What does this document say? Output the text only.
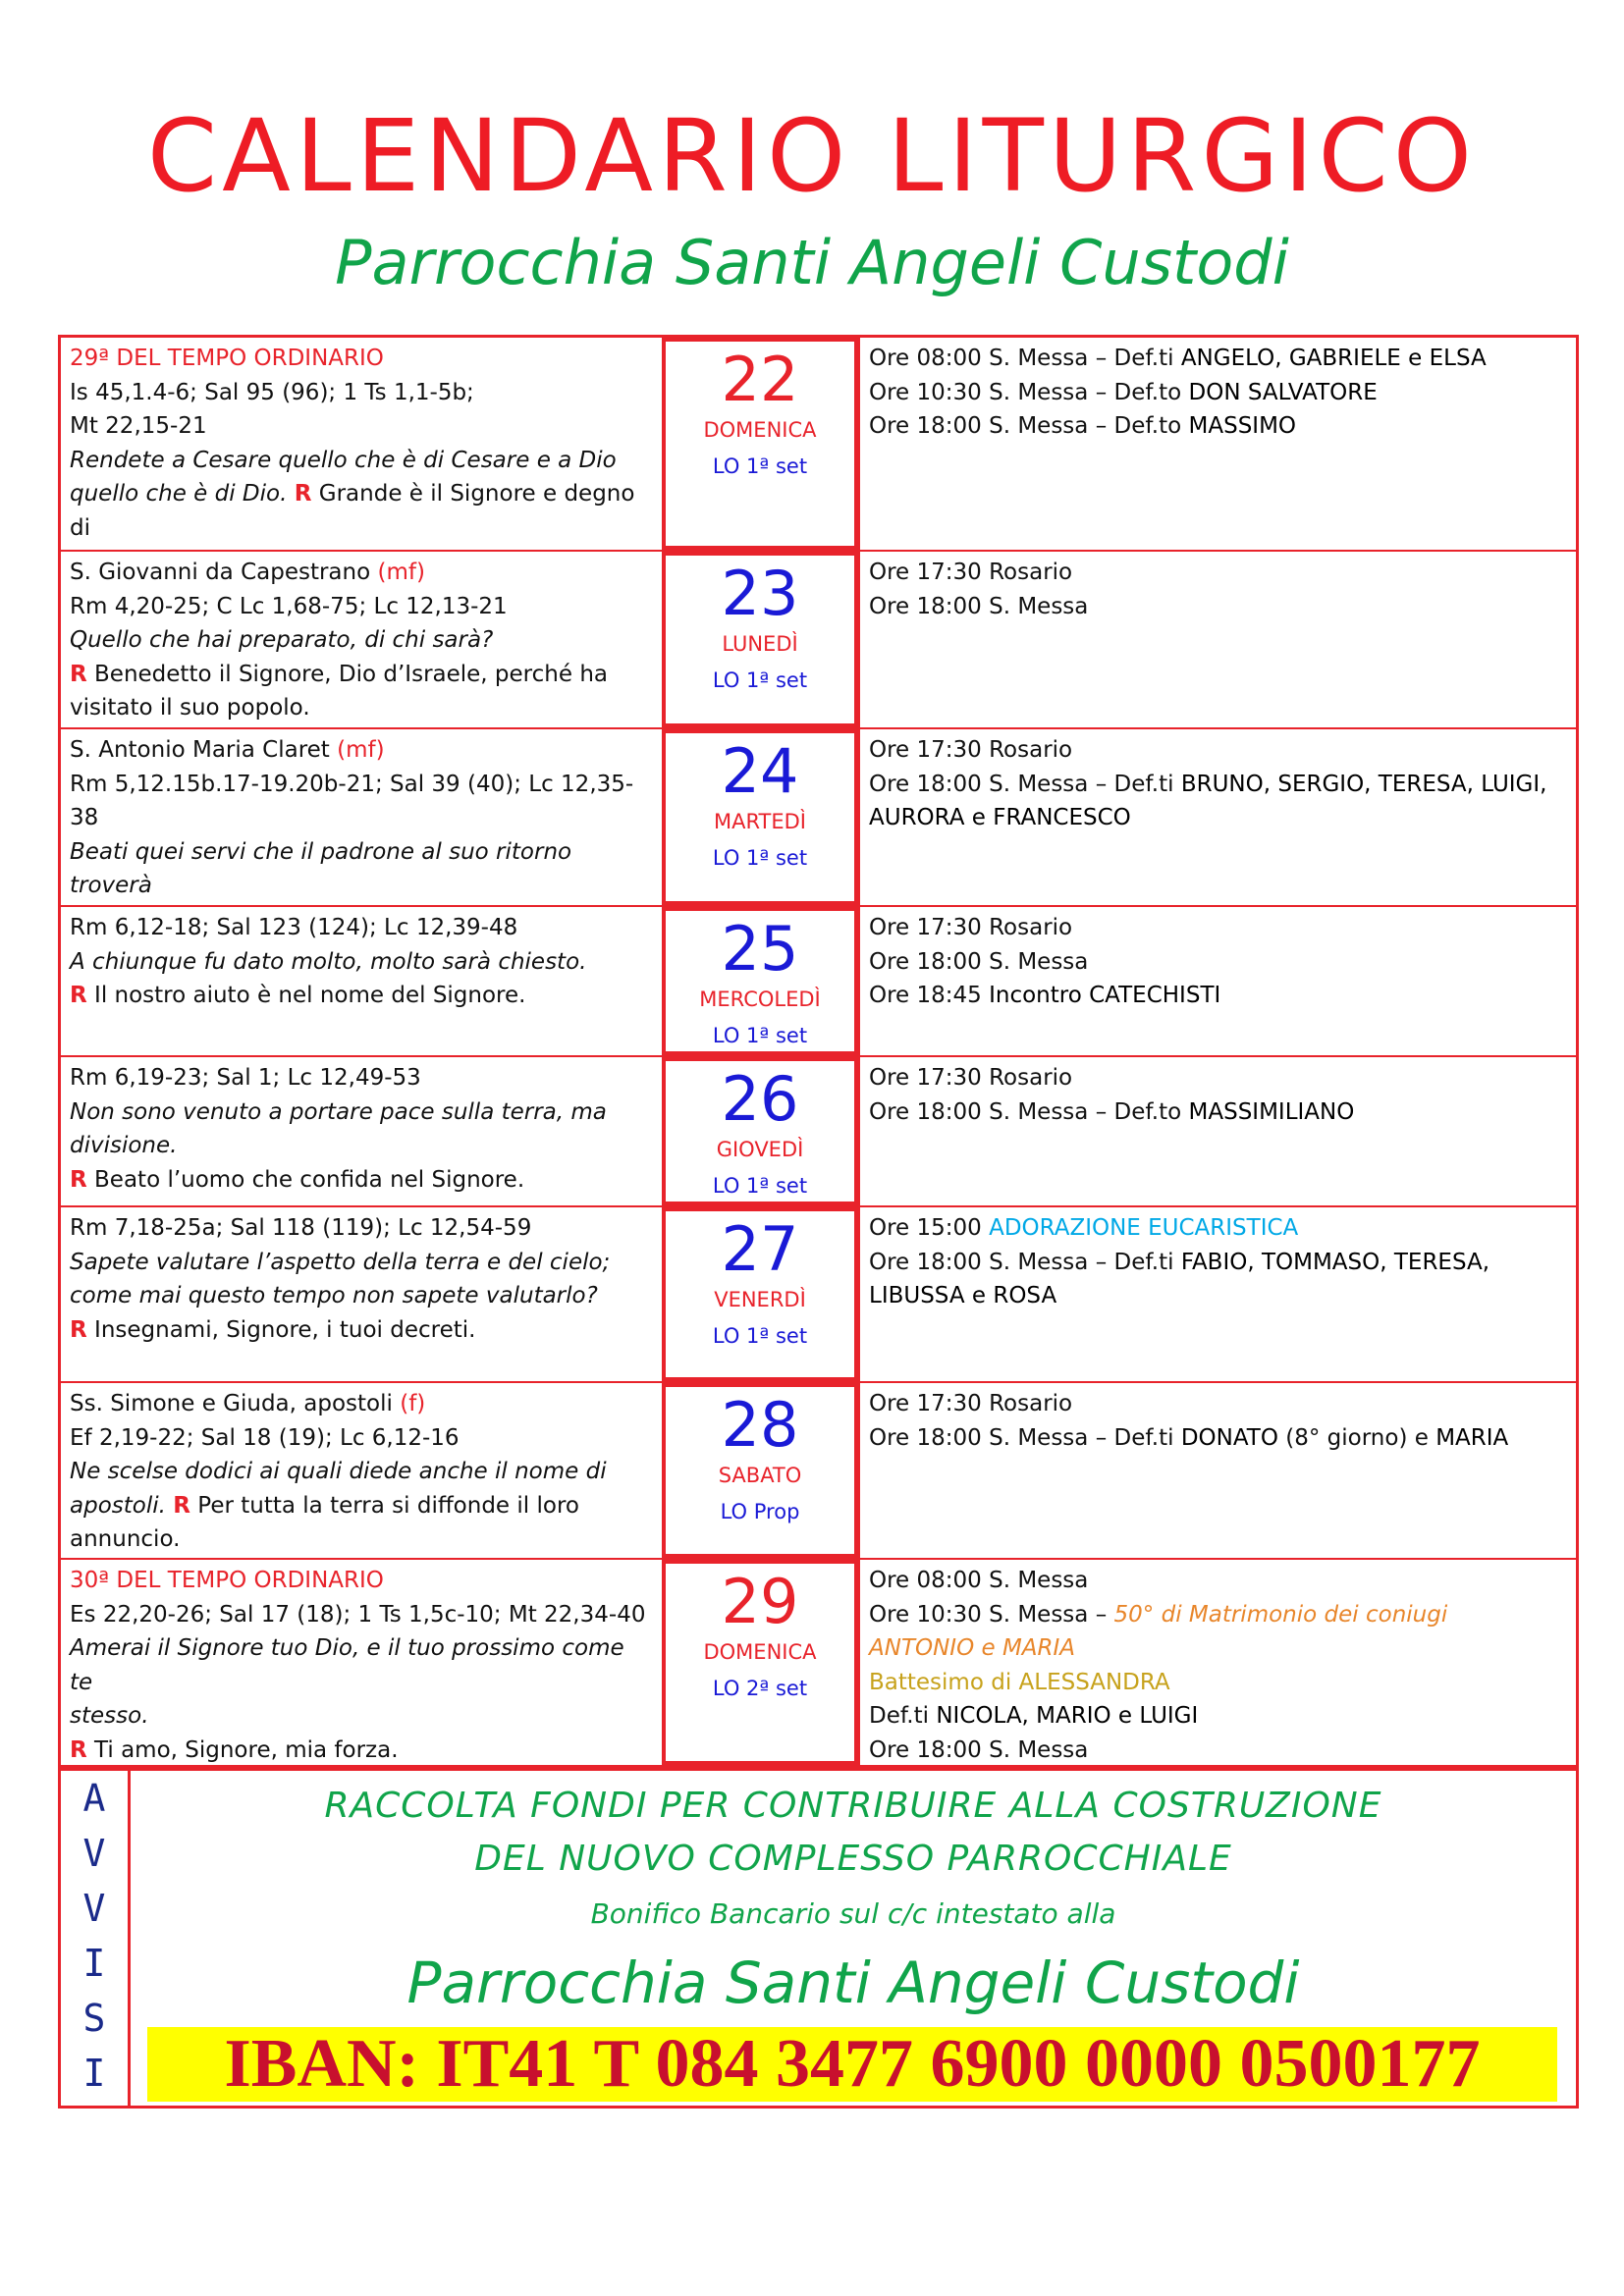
CALENDARIO LITURGICO
Parrocchia Santi Angeli Custodi
29ª DEL TEMPO ORDINARIO
Is 45,1.4-6; Sal 95 (96); 1 Ts 1,1-5b;
Mt 22,15-21
Rendete a Cesare quello che è di Cesare e a Dio
quello che è di Dio. R Grande è il Signore e degno di
22
DOMENICA
LO 1ª set
Ore 08:00 S. Messa – Def.ti ANGELO, GABRIELE e ELSA
Ore 10:30 S. Messa – Def.to DON SALVATORE
Ore 18:00 S. Messa – Def.to MASSIMO
S. Giovanni da Capestrano (mf)
Rm 4,20-25; C Lc 1,68-75; Lc 12,13-21
Quello che hai preparato, di chi sarà?
R Benedetto il Signore, Dio d’Israele, perché ha
visitato il suo popolo.
23
LUNEDÌ
LO 1ª set
Ore 17:30 Rosario
Ore 18:00 S. Messa
S. Antonio Maria Claret (mf)
Rm 5,12.15b.17-19.20b-21; Sal 39 (40); Lc 12,35-38
Beati quei servi che il padrone al suo ritorno troverà
24
MARTEDÌ
LO 1ª set
Ore 17:30 Rosario
Ore 18:00 S. Messa – Def.ti BRUNO, SERGIO, TERESA, LUIGI,
AURORA e FRANCESCO
Rm 6,12-18; Sal 123 (124); Lc 12,39-48
A chiunque fu dato molto, molto sarà chiesto.
R Il nostro aiuto è nel nome del Signore.
25
MERCOLEDÌ
LO 1ª set
Ore 17:30 Rosario
Ore 18:00 S. Messa
Ore 18:45 Incontro CATECHISTI
Rm 6,19-23; Sal 1; Lc 12,49-53
Non sono venuto a portare pace sulla terra, ma
divisione.
R Beato l’uomo che confida nel Signore.
26
GIOVEDÌ
LO 1ª set
Ore 17:30 Rosario
Ore 18:00 S. Messa – Def.to MASSIMILIANO
Rm 7,18-25a; Sal 118 (119); Lc 12,54-59
Sapete valutare l’aspetto della terra e del cielo;
come mai questo tempo non sapete valutarlo?
R Insegnami, Signore, i tuoi decreti.
27
VENERDÌ
LO 1ª set
Ore 15:00 ADORAZIONE EUCARISTICA
Ore 18:00 S. Messa – Def.ti FABIO, TOMMASO, TERESA,
LIBUSSA e ROSA
Ss. Simone e Giuda, apostoli (f)
Ef 2,19-22; Sal 18 (19); Lc 6,12-16
Ne scelse dodici ai quali diede anche il nome di
apostoli. R Per tutta la terra si diffonde il loro
annuncio.
28
SABATO
LO Prop
Ore 17:30 Rosario
Ore 18:00 S. Messa – Def.ti DONATO (8° giorno) e MARIA
30ª DEL TEMPO ORDINARIO
Es 22,20-26; Sal 17 (18); 1 Ts 1,5c-10; Mt 22,34-40
Amerai il Signore tuo Dio, e il tuo prossimo come te
stesso.
R Ti amo, Signore, mia forza.
29
DOMENICA
LO 2ª set
Ore 08:00 S. Messa
Ore 10:30 S. Messa – 50° di Matrimonio dei coniugi
ANTONIO e MARIA
Battesimo di ALESSANDRA
Def.ti NICOLA, MARIO e LUIGI
Ore 18:00 S. Messa
A
V
V
I
S
I
RACCOLTA FONDI PER CONTRIBUIRE ALLA COSTRUZIONE
DEL NUOVO COMPLESSO PARROCCHIALE
Bonifico Bancario sul c/c intestato alla
Parrocchia Santi Angeli Custodi
IBAN: IT41 T 084 3477 6900 0000 0500177
